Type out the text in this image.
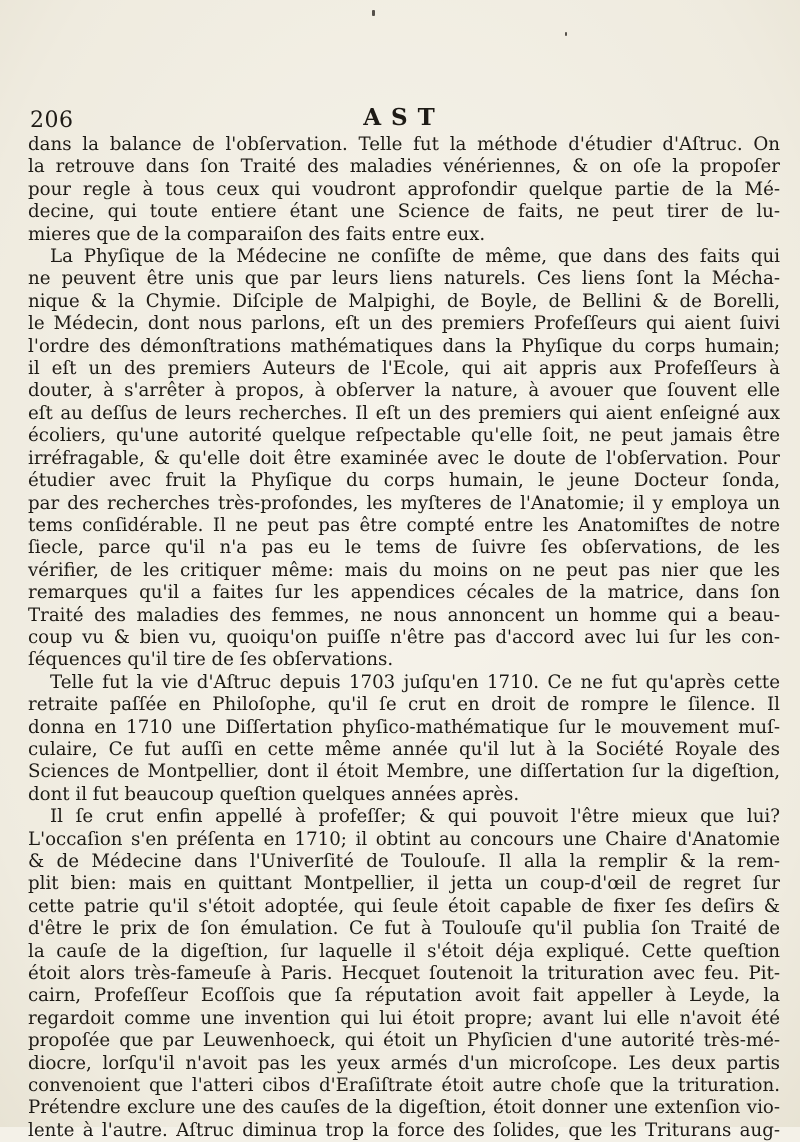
206	AST
dans la balance de l'obſervation. Telle fut la méthode d'étudier d'Aſtruc. On
la retrouve dans ſon Traité des maladies vénériennes, & on oſe la propoſer
pour regle à tous ceux qui voudront approfondir quelque partie de la Mé-
decine, qui toute entiere étant une Science de faits, ne peut tirer de lu-
mieres que de la comparaiſon des faits entre eux.
La Phyſique de la Médecine ne conſiſte de même, que dans des faits qui
ne peuvent être unis que par leurs liens naturels. Ces liens ſont la Mécha-
nique & la Chymie. Diſciple de Malpighi, de Boyle, de Bellini & de Borelli,
le Médecin, dont nous parlons, eſt un des premiers Profeſſeurs qui aient ſuivi
l'ordre des démonſtrations mathématiques dans la Phyſique du corps humain;
il eſt un des premiers Auteurs de l'Ecole, qui ait appris aux Profeſſeurs à
douter, à s'arrêter à propos, à obſerver la nature, à avouer que ſouvent elle
eſt au deſſus de leurs recherches. Il eſt un des premiers qui aient enſeigné aux
écoliers, qu'une autorité quelque reſpectable qu'elle ſoit, ne peut jamais être
irréfragable, & qu'elle doit être examinée avec le doute de l'obſervation. Pour
étudier avec fruit la Phyſique du corps humain, le jeune Docteur ſonda,
par des recherches très-profondes, les myſteres de l'Anatomie; il y employa un
tems conſidérable. Il ne peut pas être compté entre les Anatomiſtes de notre
ſiecle, parce qu'il n'a pas eu le tems de ſuivre ſes obſervations, de les
vérifier, de les critiquer même: mais du moins on ne peut pas nier que les
remarques qu'il a faites ſur les appendices cécales de la matrice, dans ſon
Traité des maladies des femmes, ne nous annoncent un homme qui a beau-
coup vu & bien vu, quoiqu'on puiſſe n'être pas d'accord avec lui ſur les con-
ſéquences qu'il tire de ſes obſervations.
Telle fut la vie d'Aſtruc depuis 1703 juſqu'en 1710. Ce ne fut qu'après cette
retraite paſſée en Philoſophe, qu'il ſe crut en droit de rompre le ſilence. Il
donna en 1710 une Diſſertation phyſico-mathématique ſur le mouvement muſ-
culaire, Ce fut auſſi en cette même année qu'il lut à la Société Royale des
Sciences de Montpellier, dont il étoit Membre, une diſſertation ſur la digeſtion,
dont il fut beaucoup queſtion quelques années après.
Il ſe crut enfin appellé à profeſſer; & qui pouvoit l'être mieux que lui?
L'occaſion s'en préſenta en 1710; il obtint au concours une Chaire d'Anatomie
& de Médecine dans l'Univerſité de Toulouſe. Il alla la remplir & la rem-
plit bien: mais en quittant Montpellier, il jetta un coup-d'œil de regret ſur
cette patrie qu'il s'étoit adoptée, qui ſeule étoit capable de fixer ſes deſirs &
d'être le prix de ſon émulation. Ce fut à Toulouſe qu'il publia ſon Traité de
la cauſe de la digeſtion, ſur laquelle il s'étoit déja expliqué. Cette queſtion
étoit alors très-fameuſe à Paris. Hecquet ſoutenoit la trituration avec feu. Pit-
cairn, Profeſſeur Ecoſſois que ſa réputation avoit fait appeller à Leyde, la
regardoit comme une invention qui lui étoit propre; avant lui elle n'avoit été
propoſée que par Leuwenhoeck, qui étoit un Phyſicien d'une autorité très-mé-
diocre, lorſqu'il n'avoit pas les yeux armés d'un microſcope. Les deux partis
convenoient que l'atteri cibos d'Eraſiſtrate étoit autre choſe que la trituration.
Prétendre exclure une des cauſes de la digeſtion, étoit donner une extenſion vio-
lente à l'autre. Aſtruc diminua trop la force des ſolides, que les Triturans aug-
